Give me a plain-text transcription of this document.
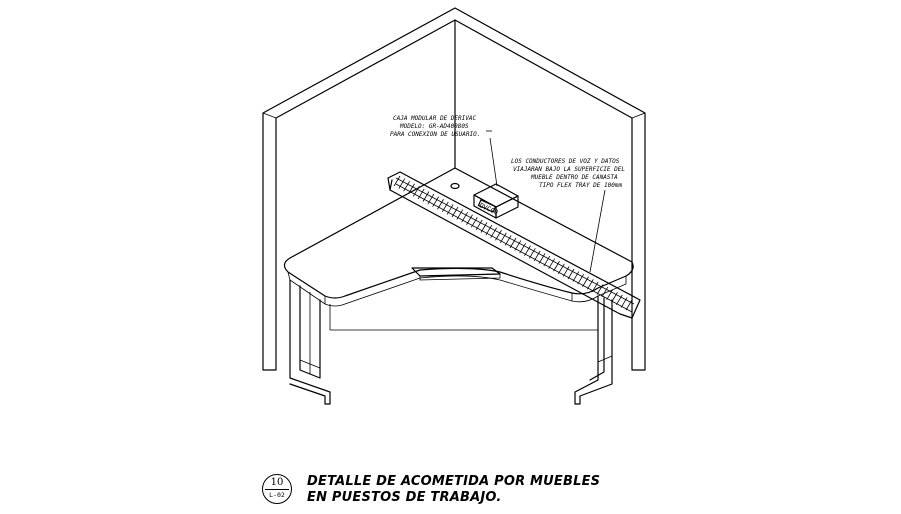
DVC00
CAJA MODULAR DE DERIVAC
MODELO: GR-AD40080S
PARA CONEXION DE USUARIO.
LOS CONDUCTORES DE VOZ Y DATOS
VIAJARAN BAJO LA SUPERFICIE DEL
MUEBLE DENTRO DE CANASTA
TIPO FLEX TRAY DE 100mm
10
L-02
DETALLE DE ACOMETIDA POR MUEBLES
EN PUESTOS DE TRABAJO.
